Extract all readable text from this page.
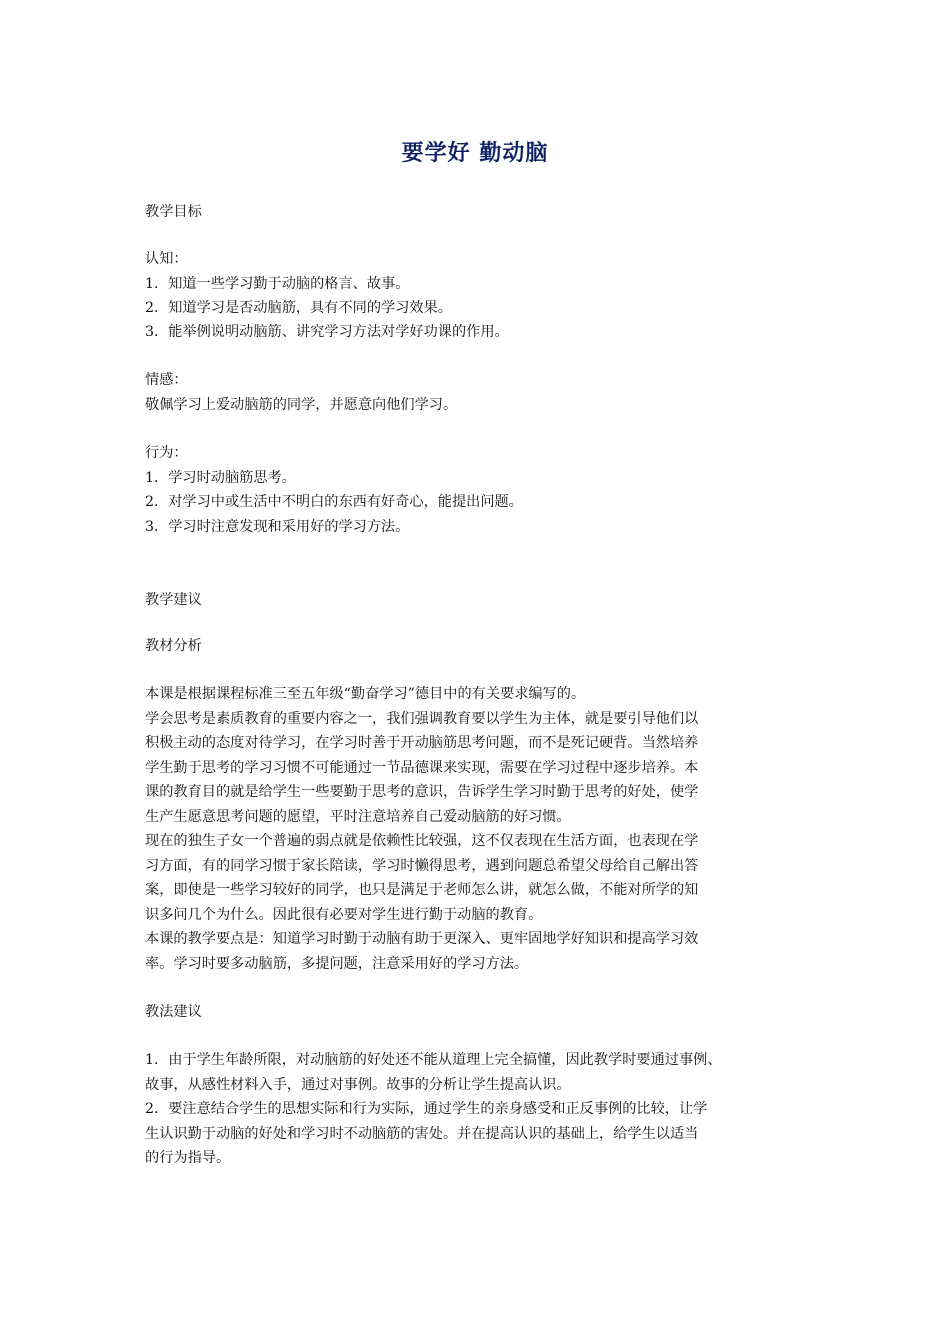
要学好 勤动脑
教学目标
认知：
1．知道一些学习勤于动脑的格言、故事。
2．知道学习是否动脑筋，具有不同的学习效果。
3．能举例说明动脑筋、讲究学习方法对学好功课的作用。
情感：
敬佩学习上爱动脑筋的同学，并愿意向他们学习。
行为：
1．学习时动脑筋思考。
2．对学习中或生活中不明白的东西有好奇心，能提出问题。
3．学习时注意发现和采用好的学习方法。
教学建议
教材分析
本课是根据课程标准三至五年级“勤奋学习”德目中的有关要求编写的。
学会思考是素质教育的重要内容之一，我们强调教育要以学生为主体，就是要引导他们以
积极主动的态度对待学习，在学习时善于开动脑筋思考问题，而不是死记硬背。当然培养
学生勤于思考的学习习惯不可能通过一节品德课来实现，需要在学习过程中逐步培养。本
课的教育目的就是给学生一些要勤于思考的意识，告诉学生学习时勤于思考的好处，使学
生产生愿意思考问题的愿望，平时注意培养自己爱动脑筋的好习惯。
现在的独生子女一个普遍的弱点就是依赖性比较强，这不仅表现在生活方面，也表现在学
习方面，有的同学习惯于家长陪读，学习时懒得思考，遇到问题总希望父母给自己解出答
案，即使是一些学习较好的同学，也只是满足于老师怎么讲，就怎么做，不能对所学的知
识多问几个为什么。因此很有必要对学生进行勤于动脑的教育。
本课的教学要点是：知道学习时勤于动脑有助于更深入、更牢固地学好知识和提高学习效
率。学习时要多动脑筋，多提问题，注意采用好的学习方法。
教法建议
1．由于学生年龄所限，对动脑筋的好处还不能从道理上完全搞懂，因此教学时要通过事例、
故事，从感性材料入手，通过对事例。故事的分析让学生提高认识。
2．要注意结合学生的思想实际和行为实际，通过学生的亲身感受和正反事例的比较，让学
生认识勤于动脑的好处和学习时不动脑筋的害处。并在提高认识的基础上，给学生以适当
的行为指导。
